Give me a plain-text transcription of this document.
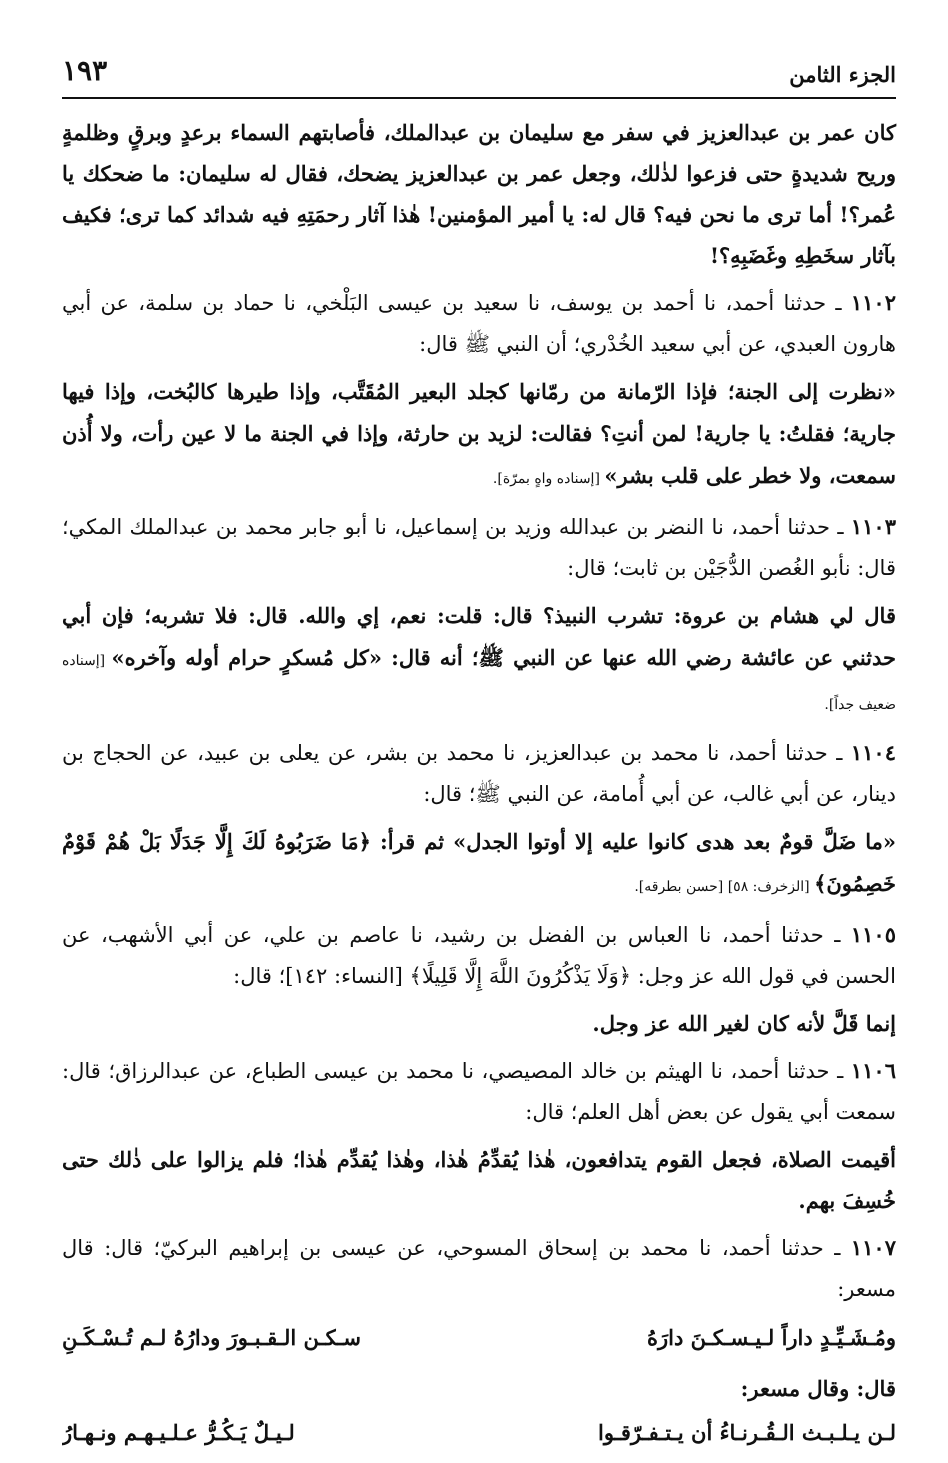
الجزء الثامن
١٩٣

كان عمر بن عبدالعزيز في سفر مع سليمان بن عبدالملك، فأصابتهم السماء برعدٍ وبرقٍ وظلمةٍ وريح شديدةٍ حتى فزعوا لذٰلك، وجعل عمر بن عبدالعزيز يضحك، فقال له سليمان: ما ضحكك يا عُمر؟! أما ترى ما نحن فيه؟ قال له: يا أمير المؤمنين! هٰذا آثار رحمَتِهِ فيه شدائد كما ترى؛ فكيف بآثار سخَطِهِ وغَضَبِهِ؟!

١١٠٢ ـ حدثنا أحمد، نا أحمد بن يوسف، نا سعيد بن عيسى البَلْخي، نا حماد بن سلمة، عن أبي هارون العبدي، عن أبي سعيد الخُدْري؛ أن النبي ﷺ قال:

«نظرت إلى الجنة؛ فإذا الرّمانة من رمّانها كجلد البعير المُقَتَّب، وإذا طيرها كالبُخت، وإذا فيها جارية؛ فقلتُ: يا جارية! لمن أنتِ؟ فقالت: لزيد بن حارثة، وإذا في الجنة ما لا عين رأت، ولا أُذن سمعت، ولا خطر على قلب بشر» [إسناده واهٍ بمرّة].

١١٠٣ ـ حدثنا أحمد، نا النضر بن عبدالله وزيد بن إسماعيل، نا أبو جابر محمد بن عبدالملك المكي؛ قال: نأبو الغُصن الدُّجَيْن بن ثابت؛ قال:

قال لي هشام بن عروة: تشرب النبيذ؟ قال: قلت: نعم، إي والله. قال: فلا تشربه؛ فإن أبي حدثني عن عائشة رضي الله عنها عن النبي ﷺ؛ أنه قال: «كل مُسكرٍ حرام أوله وآخره» [إسناده ضعيف جداً].

١١٠٤ ـ حدثنا أحمد، نا محمد بن عبدالعزيز، نا محمد بن بشر، عن يعلى بن عبيد، عن الحجاج بن دينار، عن أبي غالب، عن أبي أُمامة، عن النبي ﷺ؛ قال:

«ما ضَلَّ قومٌ بعد هدى كانوا عليه إلا أوتوا الجدل» ثم قرأ: ﴿مَا ضَرَبُوهُ لَكَ إِلَّا جَدَلًا بَلْ هُمْ قَوْمٌ خَصِمُونَ﴾ [الزخرف: ٥٨] [حسن بطرقه].

١١٠٥ ـ حدثنا أحمد، نا العباس بن الفضل بن رشيد، نا عاصم بن علي، عن أبي الأشهب، عن الحسن في قول الله عز وجل: ﴿وَلَا يَذْكُرُونَ اللَّهَ إِلَّا قَلِيلًا﴾ [النساء: ١٤٢]؛ قال:

إنما قَلَّ لأنه كان لغير الله عز وجل.

١١٠٦ ـ حدثنا أحمد، نا الهيثم بن خالد المصيصي، نا محمد بن عيسى الطباع، عن عبدالرزاق؛ قال: سمعت أبي يقول عن بعض أهل العلم؛ قال:

أقيمت الصلاة، فجعل القوم يتدافعون، هٰذا يُقدِّمُ هٰذا، وهٰذا يُقدِّم هٰذا؛ فلم يزالوا على ذٰلك حتى خُسِفَ بهم.

١١٠٧ ـ حدثنا أحمد، نا محمد بن إسحاق المسوحي، عن عيسى بن إبراهيم البركيّ؛ قال: قال مسعر:

ومُـشَـيِّـدٍ داراً لـيـسـكـنَ دارَهُ
سـكـن الـقـبـورَ ودارُهُ لـم تُـسْـكَـنِ

قال: وقال مسعر:

لـن يـلـبـث الـقُـرنـاءُ أن يـتـفـرّقـوا
لـيـلٌ يَـكُـرُّ عـلـيـهـم ونـهـارُ
